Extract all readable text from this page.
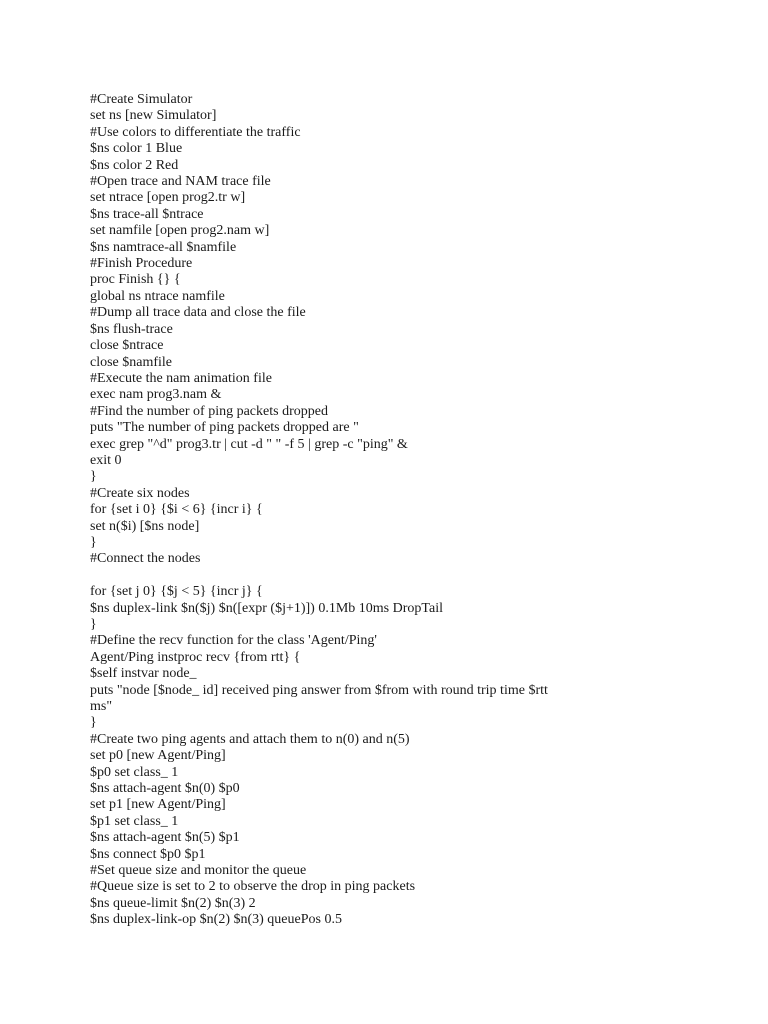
#Create Simulator
set ns [new Simulator]
#Use colors to differentiate the traffic
$ns color 1 Blue
$ns color 2 Red
#Open trace and NAM trace file
set ntrace [open prog2.tr w]
$ns trace-all $ntrace
set namfile [open prog2.nam w]
$ns namtrace-all $namfile
#Finish Procedure
proc Finish {} {
global ns ntrace namfile
#Dump all trace data and close the file
$ns flush-trace
close $ntrace
close $namfile
#Execute the nam animation file
exec nam prog3.nam &
#Find the number of ping packets dropped
puts "The number of ping packets dropped are "
exec grep "^d" prog3.tr | cut -d " " -f 5 | grep -c "ping" &
exit 0
}
#Create six nodes
for {set i 0} {$i < 6} {incr i} {
set n($i) [$ns node]
}
#Connect the nodes
for {set j 0} {$j < 5} {incr j} {
$ns duplex-link $n($j) $n([expr ($j+1)]) 0.1Mb 10ms DropTail
}
#Define the recv function for the class 'Agent/Ping'
Agent/Ping instproc recv {from rtt} {
$self instvar node_
puts "node [$node_ id] received ping answer from $from with round trip time $rtt ms"
}
#Create two ping agents and attach them to n(0) and n(5)
set p0 [new Agent/Ping]
$p0 set class_ 1
$ns attach-agent $n(0) $p0
set p1 [new Agent/Ping]
$p1 set class_ 1
$ns attach-agent $n(5) $p1
$ns connect $p0 $p1
#Set queue size and monitor the queue
#Queue size is set to 2 to observe the drop in ping packets
$ns queue-limit $n(2) $n(3) 2
$ns duplex-link-op $n(2) $n(3) queuePos 0.5
